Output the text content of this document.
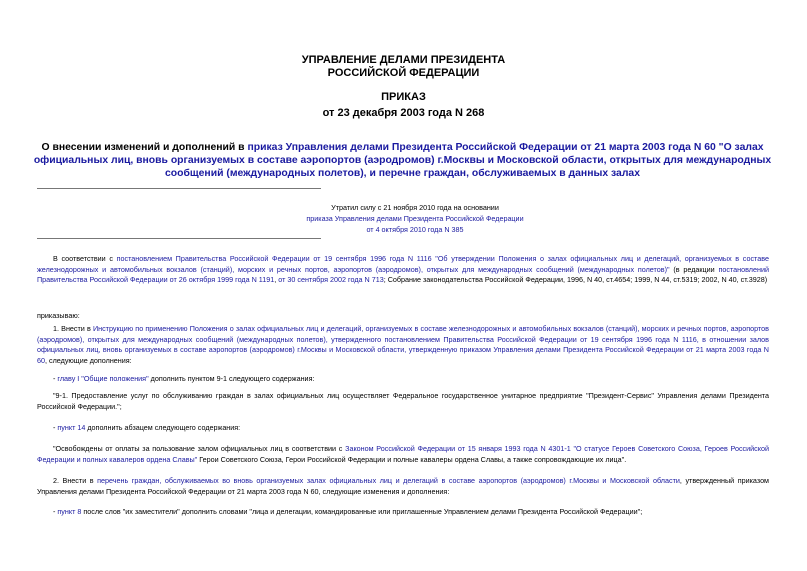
УПРАВЛЕНИЕ ДЕЛАМИ ПРЕЗИДЕНТА
РОССИЙСКОЙ ФЕДЕРАЦИИ
ПРИКАЗ
от 23 декабря 2003 года N 268
О внесении изменений и дополнений в приказ Управления делами Президента Российской Федерации от 21 марта 2003 года N 60 "О залах официальных лиц, вновь организуемых в составе аэропортов (аэродромов) г.Москвы и Московской области, открытых для международных сообщений (международных полетов), и перечне граждан, обслуживаемых в данных залах
Утратил силу с 21 ноября 2010 года на основании
приказа Управления делами Президента Российской Федерации
от 4 октября 2010 года N 385
В соответствии с постановлением Правительства Российской Федерации от 19 сентября 1996 года N 1116 "Об утверждении Положения о залах официальных лиц и делегаций, организуемых в составе железнодорожных и автомобильных вокзалов (станций), морских и речных портов, аэропортов (аэродромов), открытых для международных сообщений (международных полетов)" (в редакции постановлений Правительства Российской Федерации от 26 октября 1999 года N 1191, от 30 сентября 2002 года N 713; Собрание законодательства Российской Федерации, 1996, N 40, ст.4654; 1999, N 44, ст.5319; 2002, N 40, ст.3928)
приказываю:
1. Внести в Инструкцию по применению Положения о залах официальных лиц и делегаций, организуемых в составе железнодорожных и автомобильных вокзалов (станций), морских и речных портов, аэропортов (аэродромов), открытых для международных сообщений (международных полетов), утвержденного постановлением Правительства Российской Федерации от 19 сентября 1996 года N 1116, в отношении залов официальных лиц, вновь организуемых в составе аэропортов (аэродромов) г.Москвы и Московской области, утвержденную приказом Управления делами Президента Российской Федерации от 21 марта 2003 года N 60, следующие дополнения:
- главу I "Общие положения" дополнить пунктом 9-1 следующего содержания:
"9-1. Предоставление услуг по обслуживанию граждан в залах официальных лиц осуществляет Федеральное государственное унитарное предприятие "Президент-Сервис" Управления делами Президента Российской Федерации.";
- пункт 14 дополнить абзацем следующего содержания:
"Освобождены от оплаты за пользование залом официальных лиц в соответствии с Законом Российской Федерации от 15 января 1993 года N 4301-1 "О статусе Героев Советского Союза, Героев Российской Федерации и полных кавалеров ордена Славы" Герои Советского Союза, Герои Российской Федерации и полные кавалеры ордена Славы, а также сопровождающие их лица".
2. Внести в перечень граждан, обслуживаемых во вновь организуемых залах официальных лиц и делегаций в составе аэропортов (аэродромов) г.Москвы и Московской области, утвержденный приказом Управления делами Президента Российской Федерации от 21 марта 2003 года N 60, следующие изменения и дополнения:
- пункт 8 после слов "их заместители" дополнить словами "лица и делегации, командированные или приглашенные Управлением делами Президента Российской Федерации";
